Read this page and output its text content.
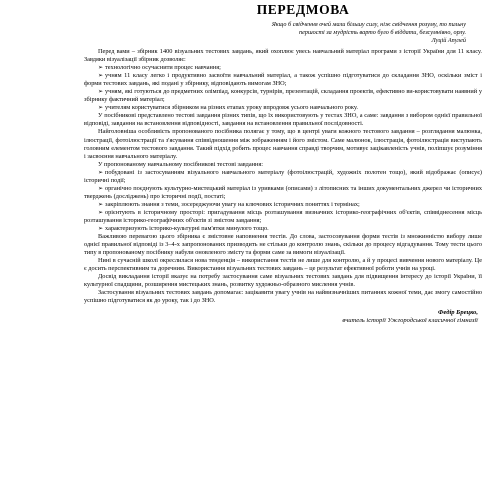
ПЕРЕДМОВА
Якщо б свідчення очей мали більшу силу, ніж свідчення розуму, то пильну першості за мудрість варто було б віддати, безсумнівно, орлу.
Луцій Апулей
Перед вами – збірник 1400 візуальних тестових завдань, який охоплює увесь навчальний матеріал програми з історії України для 11 класу. Завдяки візуалізації збірник дозволяє:
➢ технологічно осучаснити процес навчання;
➢ учням 11 класу легко і продуктивно засвоїти навчальний матеріал, а також успішно підготуватися до складання ЗНО, оскільки зміст і форми тестових завдань, які подані у збірнику, відповідають вимогам ЗНО;
➢ учням, які готуються до предметних олімпіад, конкурсів, турнірів, презентацій, складання проектів, ефективно ви-користовувати наявний у збірнику фактичний матеріал;
➢ учителям користуватися збірником на різних етапах уроку впродовж усього навчального року.
У посібникові представлено тестові завдання різних типів, що їх використовують у тестах ЗНО, а саме: завдання з вибором однієї правильної відповіді, завдання на встановлення відповідності, завдання на встановлення правильної послідовності.
Найголовніша особливість пропонованого посібника полягає у тому, що в центрі уваги кожного тестового завдання – розглядання малюнка, ілюстрації, фотоілюстрації та з'ясування співвідношення між зображенням і його змістом. Саме малюнок, ілюстрація, фотоілюстрація виступають головним елементом тестового завдання. Такий підхід робить процес навчання справді творчим, мотивує зацікавленість учнів, поліпшує розуміння і засвоєння навчального матеріалу.
У пропонованому навчальному посібникові тестові завдання:
➢ побудовані із застосуванням візуального навчального матеріалу (фотоілюстрацій, художніх полотен тощо), який відображає (описує) історичні події;
➢ органічно поєднують культурно-мистецький матеріал із уривками (описами) з літописних та інших документальних джерел чи історичних тверджень (досліджень) про історичні події, постаті;
➢ закріплюють знання з теми, зосереджуючи увагу на ключових історичних поняттях і термінах;
➢ орієнтують в історичному просторі: пригадування місць розташування визначних історико-географічних об'єктів, співвіднесення місць розташування історико-географічних об'єктів зі змістом завдання;
➢ характеризують історико-культурні пам'ятки минулого тощо.
Важливою перевагою цього збірника є змістовне наповнення тестів. До слова, застосовування форми тестів із множинністю вибору лише однієї правильної відповіді із 3–4-х запропонованих призводить не стільки до контролю знань, скільки до процесу відгадування. Тому тести цього типу в пропонованому посібнику набули оновленого змісту та форми саме за вимоги візуалізації.
Нині в сучасній школі окреслилася нова тенденція – використання тестів не лише для контролю, а й у процесі вивчення нового матеріалу. Це є досить перспективним та доречним. Використання візуальних тестових завдань – це результат ефективної роботи учнів на уроці.
Досвід викладання історії вказує на потребу застосування саме візуальних тестових завдань для підвищення інтересу до історії України, її культурної спадщини, розширення мистецьких знань, розвитку художньо-образного мислення учнів.
Застосування візуальних тестових завдань допомагає: зацікавити увагу учнів на найвизначніших питаннях кожної теми, дає змогу самостійно успішно підготуватися як до уроку, так і до ЗНО.
Федір Брецко,
вчитель історії Ужгородської класичної гімназії
